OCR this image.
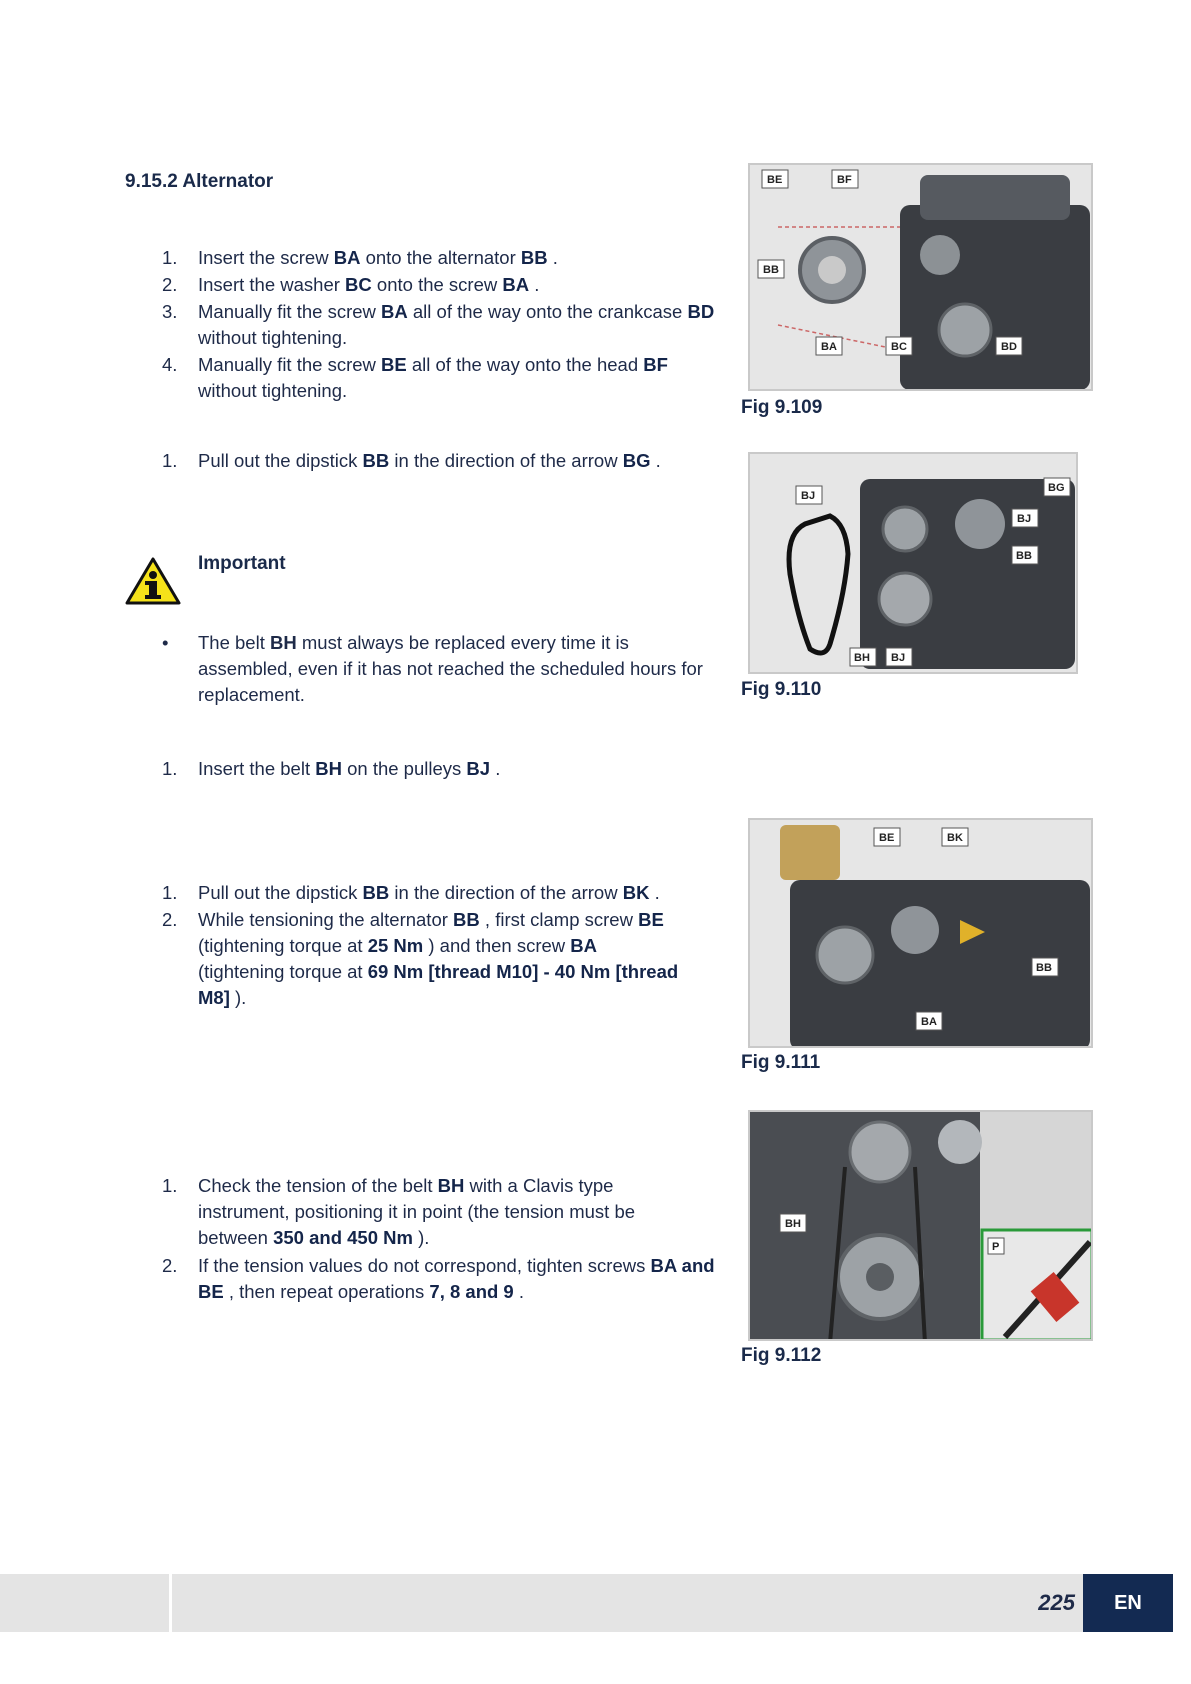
9.15.2 Alternator
1.	Insert the screw BA onto the alternator BB .
2.	Insert the washer BC onto the screw BA .
3.	Manually fit the screw BA all of the way onto the crankcase BD without tightening.
4.	Manually fit the screw BE all of the way onto the head BF without tightening.
1.	Pull out the dipstick BB in the direction of the arrow BG .
Important
• The belt BH must always be replaced every time it is assembled, even if it has not reached the scheduled hours for replacement.
1.	Insert the belt BH on the pulleys BJ .
1.	Pull out the dipstick BB in the direction of the arrow BK .
2.	While tensioning the alternator BB , first clamp screw BE (tightening torque at 25 Nm ) and then screw BA (tightening torque at 69 Nm [thread M10] - 40 Nm [thread M8] ).
1.	Check the tension of the belt BH with a Clavis type instrument, positioning it in point (the tension must be between 350 and 450 Nm ).
2.	If the tension values do not correspond, tighten screws BA and BE , then repeat operations 7, 8 and 9 .
BE	BF
BB
BA	BC	BD
Fig 9.109
BJ
BG
BJ
BB
BH BJ
Fig 9.110
BE	BK
BB
BA
Fig 9.111
BH
P
Fig 9.112
225	EN
